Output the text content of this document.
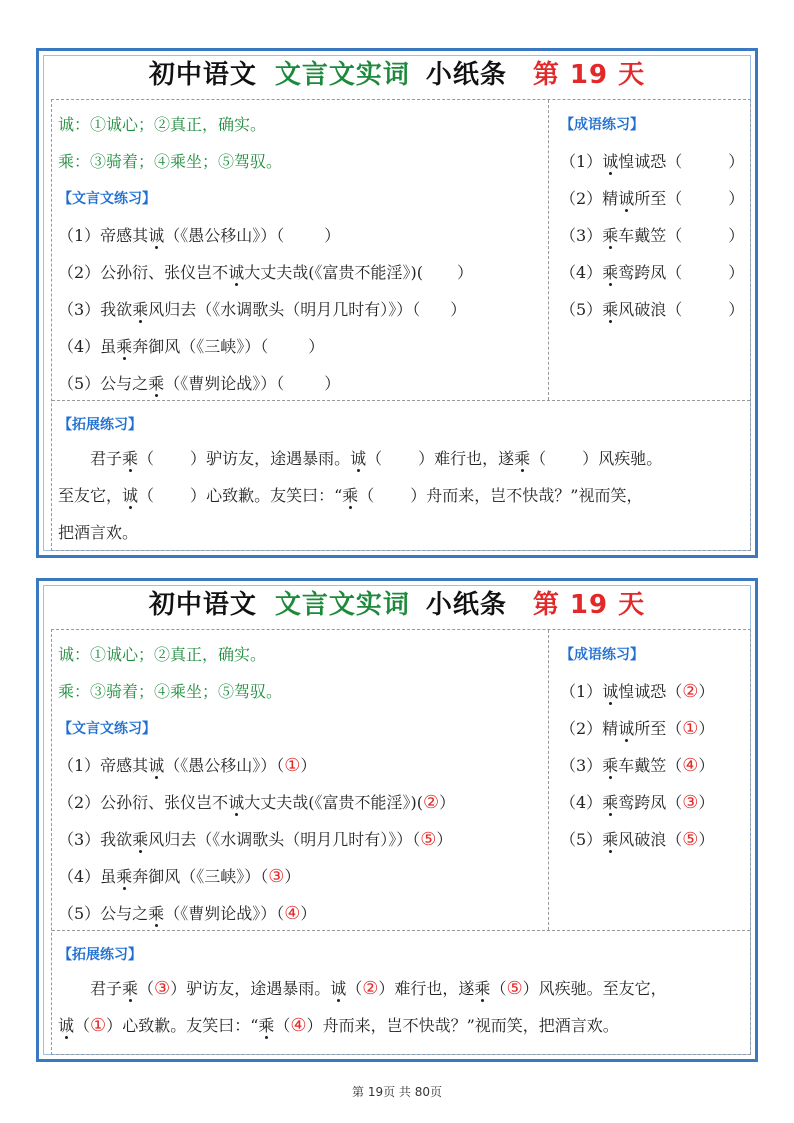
初中语文 文言文实词 小纸条 第 19 天
诚：①诚心；②真正，确实。
乘：③骑着；④乘坐；⑤驾驭。
【文言文练习】
（1）帝感其诚（《愚公移山》）（	）
（2）公孙衍、张仪岂不诚大丈夫哉(《富贵不能淫》)( ）
（3）我欲乘风归去（《水调歌头（明月几时有）》）（ ）
（4）虽乘奔御风（《三峡》）（	）
（5）公与之乘（《曹刿论战》）（	）
【成语练习】
（1）诚惶诚恐（	）
（2）精诚所至（	）
（3）乘车戴笠（	）
（4）乘鸾跨凤（	）
（5）乘风破浪（	）
【拓展练习】
君子乘（ ）驴访友，途遇暴雨。诚（ ）难行也，遂乘（ ）风疾驰。
至友它，诚（ ）心致歉。友笑曰：“乘（ ）舟而来，岂不快哉？”视而笑，
把酒言欢。
初中语文 文言文实词 小纸条 第 19 天
诚：①诚心；②真正，确实。
乘：③骑着；④乘坐；⑤驾驭。
【文言文练习】
（1）帝感其诚（《愚公移山》）（①）
（2）公孙衍、张仪岂不诚大丈夫哉(《富贵不能淫》)(②）
（3）我欲乘风归去（《水调歌头（明月几时有）》）（⑤）
（4）虽乘奔御风（《三峡》）（③）
（5）公与之乘（《曹刿论战》）（④）
【成语练习】
（1）诚惶诚恐（②）
（2）精诚所至（①）
（3）乘车戴笠（④）
（4）乘鸾跨凤（③）
（5）乘风破浪（⑤）
【拓展练习】
君子乘（③）驴访友，途遇暴雨。诚（②）难行也，遂乘（⑤）风疾驰。至友它，
诚（①）心致歉。友笑曰：“乘（④）舟而来，岂不快哉？”视而笑，把酒言欢。
第 19页 共 80页
